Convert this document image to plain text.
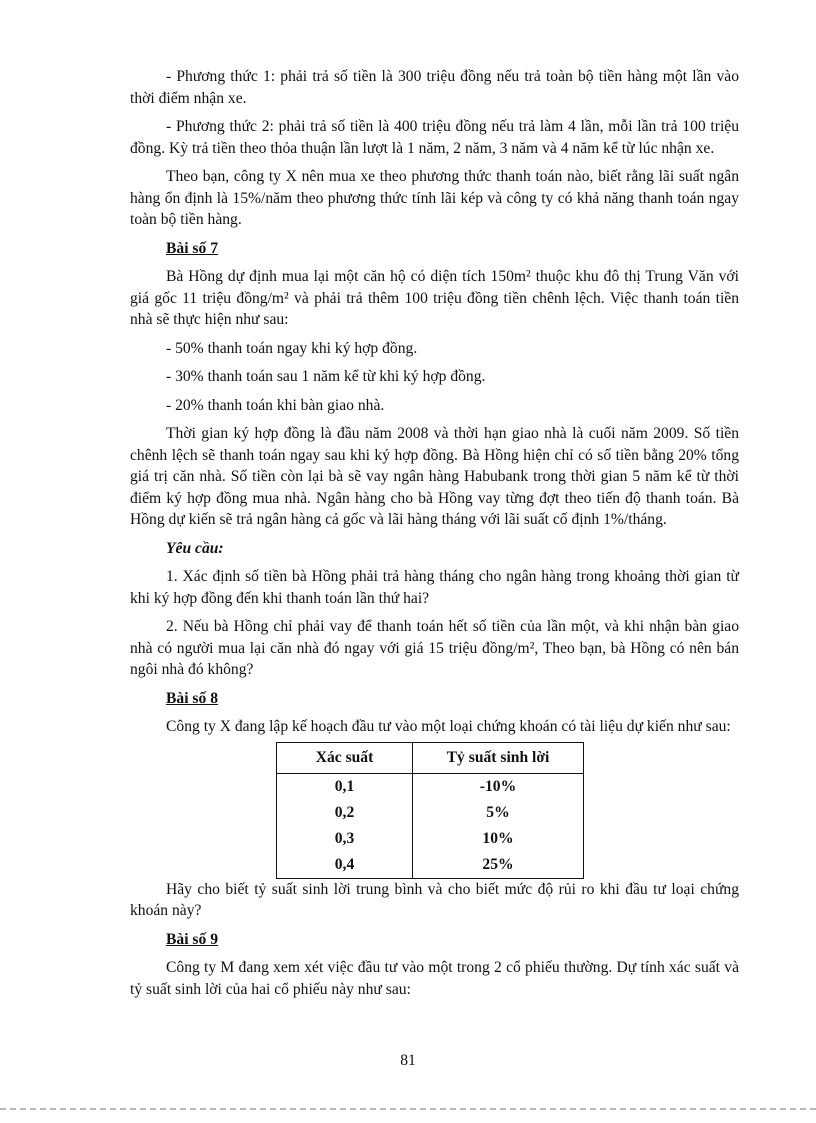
- Phương thức 1: phải trả số tiền là 300 triệu đồng nếu trả toàn bộ tiền hàng một lần vào thời điểm nhận xe.

- Phương thức 2: phải trả số tiền là 400 triệu đồng nếu trả làm 4 lần, mỗi lần trả 100 triệu đồng. Kỳ trả tiền theo thỏa thuận lần lượt là 1 năm, 2 năm, 3 năm và 4 năm kể từ lúc nhận xe.

Theo bạn, công ty X nên mua xe theo phương thức thanh toán nào, biết rằng lãi suất ngân hàng ổn định là 15%/năm theo phương thức tính lãi kép và công ty có khả năng thanh toán ngay toàn bộ tiền hàng.

Bài số 7

Bà Hồng dự định mua lại một căn hộ có diện tích 150m² thuộc khu đô thị Trung Văn với giá gốc 11 triệu đồng/m² và phải trả thêm 100 triệu đồng tiền chênh lệch. Việc thanh toán tiền nhà sẽ thực hiện như sau:

- 50% thanh toán ngay khi ký hợp đồng.

- 30% thanh toán sau 1 năm kể từ khi ký hợp đồng.

- 20% thanh toán khi bàn giao nhà.

Thời gian ký hợp đồng là đầu năm 2008 và thời hạn giao nhà là cuối năm 2009. Số tiền chênh lệch sẽ thanh toán ngay sau khi ký hợp đồng. Bà Hồng hiện chỉ có số tiền bằng 20% tổng giá trị căn nhà. Số tiền còn lại bà sẽ vay ngân hàng Habubank trong thời gian 5 năm kể từ thời điểm ký hợp đồng mua nhà. Ngân hàng cho bà Hồng vay từng đợt theo tiến độ thanh toán. Bà Hồng dự kiến sẽ trả ngân hàng cả gốc và lãi hàng tháng với lãi suất cố định 1%/tháng.

Yêu cầu:

1. Xác định số tiền bà Hồng phải trả hàng tháng cho ngân hàng trong khoảng thời gian từ khi ký hợp đồng đến khi thanh toán lần thứ hai?

2. Nếu bà Hồng chỉ phải vay để thanh toán hết số tiền của lần một, và khi nhận bàn giao nhà có người mua lại căn nhà đó ngay với giá 15 triệu đồng/m², Theo bạn, bà Hồng có nên bán ngôi nhà đó không?

Bài số 8

Công ty X đang lập kế hoạch đầu tư vào một loại chứng khoán có tài liệu dự kiến như sau:

Xác suất	Tỷ suất sinh lời
0,1	-10%
0,2	5%
0,3	10%
0,4	25%

Hãy cho biết tỷ suất sinh lời trung bình và cho biết mức độ rủi ro khi đầu tư loại chứng khoán này?

Bài số 9

Công ty M đang xem xét việc đầu tư vào một trong 2 cổ phiếu thường. Dự tính xác suất và tỷ suất sinh lời của hai cổ phiếu này như sau:

81
